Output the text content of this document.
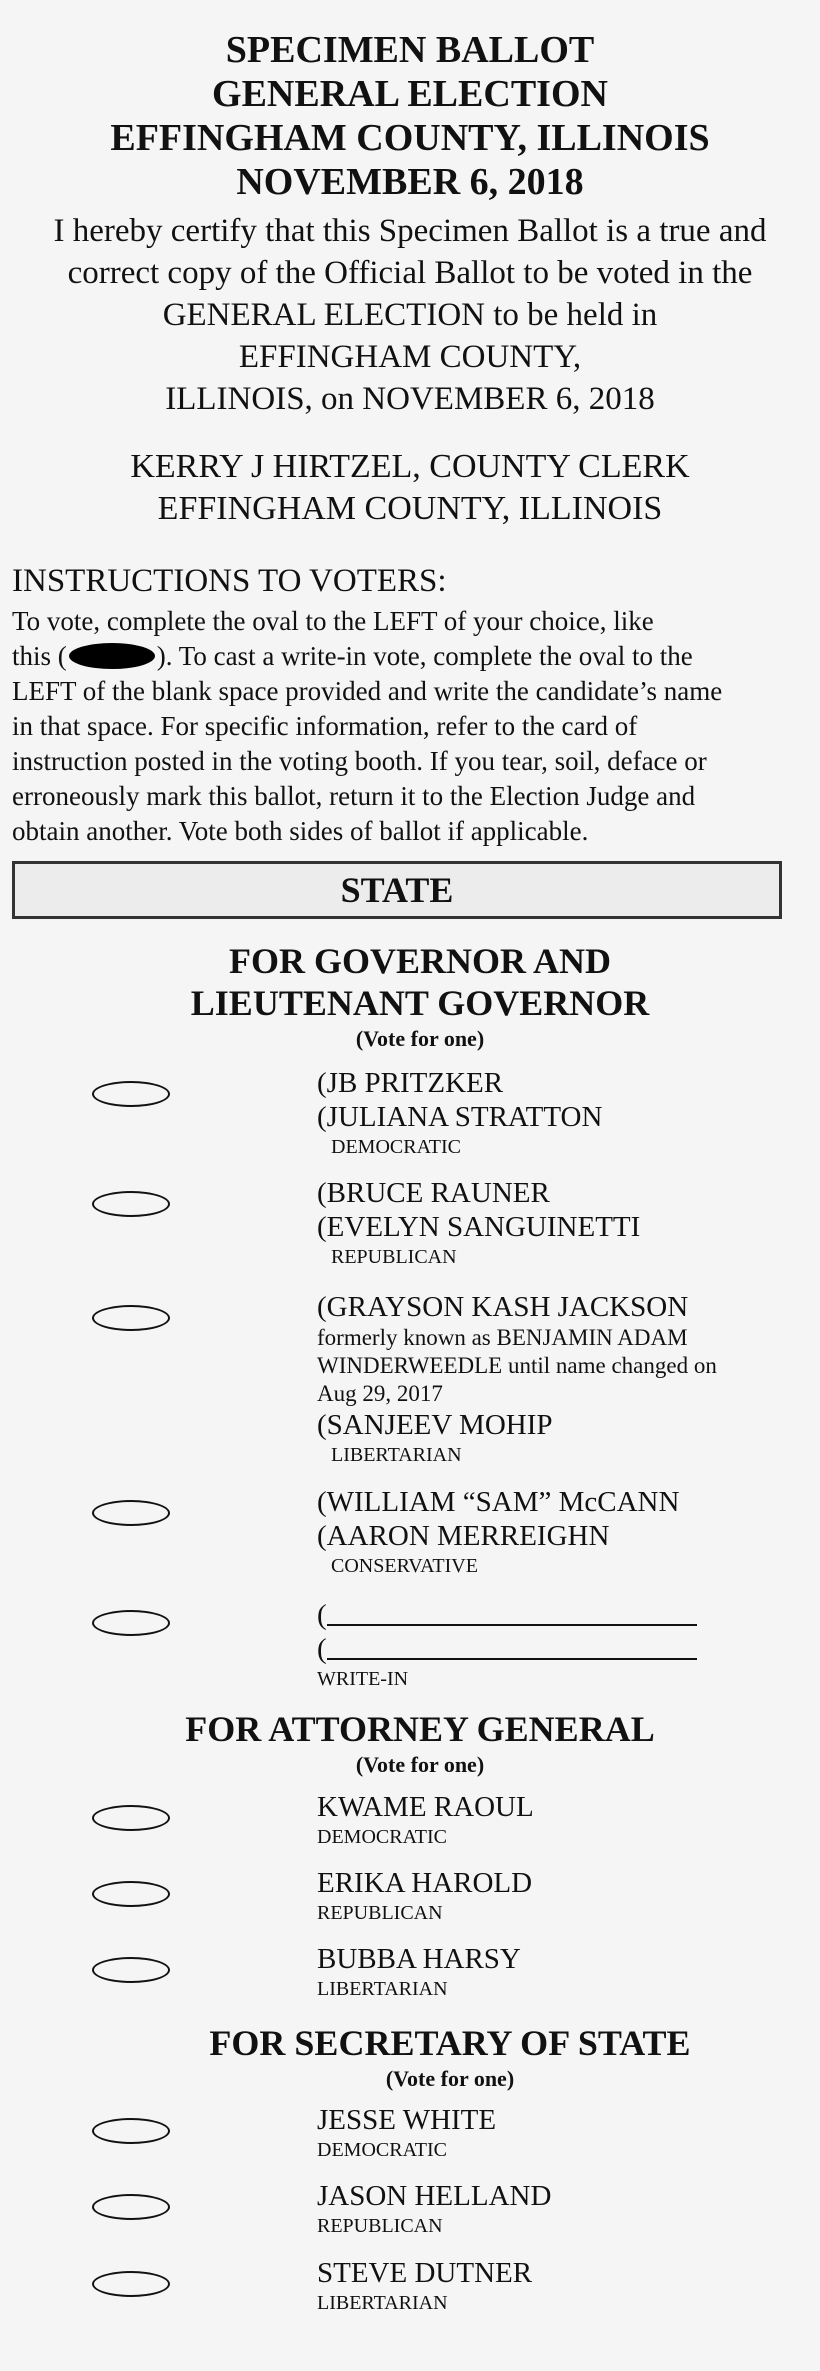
SPECIMEN BALLOT
GENERAL ELECTION
EFFINGHAM COUNTY, ILLINOIS
NOVEMBER 6, 2018
I hereby certify that this Specimen Ballot is a true and
correct copy of the Official Ballot to be voted in the
GENERAL ELECTION to be held in
EFFINGHAM COUNTY,
ILLINOIS, on NOVEMBER 6, 2018
KERRY J HIRTZEL, COUNTY CLERK
EFFINGHAM COUNTY, ILLINOIS
INSTRUCTIONS TO VOTERS:

To vote, complete the oval to the LEFT of your choice, like

this (	). To cast a write-in vote, complete the oval to the

LEFT of the blank space provided and write the candidate’s name

in that space. For specific information, refer to the card of

instruction posted in the voting booth. If you tear, soil, deface or

erroneously mark this ballot, return it to the Election Judge and

obtain another. Vote both sides of ballot if applicable.

STATE
FOR GOVERNOR AND
LIEUTENANT GOVERNOR
(Vote for one)
(JB PRITZKER
(JULIANA STRATTON
DEMOCRATIC
(BRUCE RAUNER
(EVELYN SANGUINETTI
REPUBLICAN
(GRAYSON KASH JACKSON
formerly known as BENJAMIN ADAM
WINDERWEEDLE until name changed on
Aug 29, 2017
(SANJEEV MOHIP
LIBERTARIAN
(WILLIAM “SAM” McCANN
(AARON MERREIGHN
CONSERVATIVE
(
(
WRITE-IN
FOR ATTORNEY GENERAL
(Vote for one)
KWAME RAOUL
DEMOCRATIC
ERIKA HAROLD
REPUBLICAN
BUBBA HARSY
LIBERTARIAN
FOR SECRETARY OF STATE
(Vote for one)
JESSE WHITE
DEMOCRATIC
JASON HELLAND
REPUBLICAN
STEVE DUTNER
LIBERTARIAN
